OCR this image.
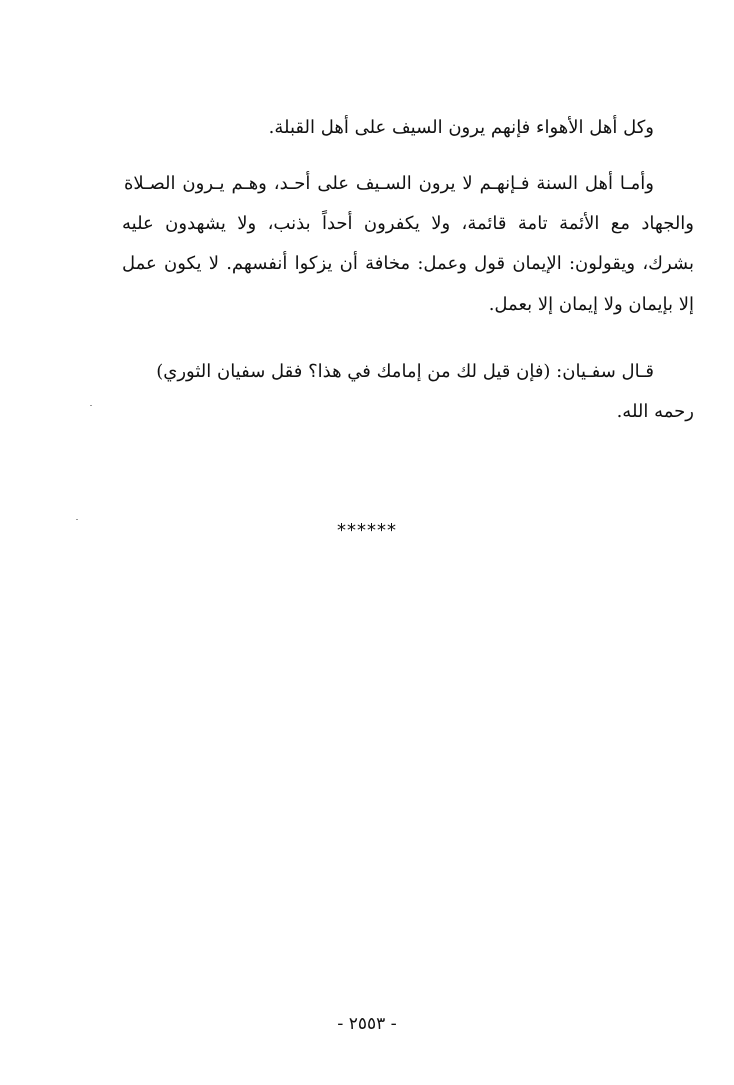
وكل أهل الأهواء فإنهم يرون السيف على أهل القبلة.
وأمـا أهل السنة فـإنهـم لا يرون السـيف على أحـد، وهـم يـرون الصـلاة
والجهاد مع الأئمة تامة قائمة، ولا يكفرون أحداً بذنب، ولا يشهدون عليه
بشرك، ويقولون: الإيمان قول وعمل: مخافة أن يزكوا أنفسهم. لا يكون عمل
إلا بإيمان ولا إيمان إلا بعمل.
قـال سفـيان: (فإن قيل لك من إمامك في هذا؟ فقل سفيان الثوري)
رحمه الله.
******
- ٢٥٥٣ -
